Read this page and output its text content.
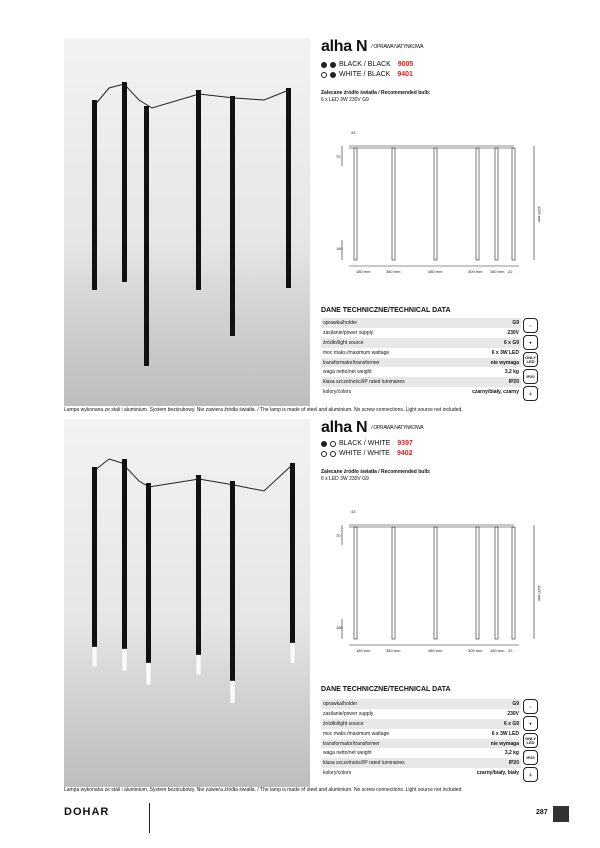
alha N / OPRAWA NATYNKOWA
BLACK / BLACK 9005
WHITE / BLACK 9401
Zalecane źródło światła / Recommended bulb:
6 x LED 3W 230V G9
43
70
1100 mm
180
180 mm	380 mm	480 mm	300 mm 180 mm 22
DANE TECHNICZNE/TECHNICAL DATA
oprawka/holder	G9
zasilanie/power supply	230V
źródło/light source	6 x G9
moc maks./maximum wattage	6 x 3W LED
transformator/transformer	nie wymaga
waga netto/net weight	3,2 kg
klasa szczelności/IP rated luminaires	IP20
kolory/colors	czarny/biały, czarny
⌂
▾
ONLY LED
IP20
⏚
Lampa wykonana ze stali i aluminium. System bezśrubowy. Nie zawiera źródła światła. / The lamp is made of steel and aluminium. No screw connections. Light source not included.
alha N / OPRAWA NATYNKOWA
BLACK / WHITE 9397
WHITE / WHITE 9402
Zalecane źródło światła / Recommended bulb:
6 x LED 3W 230V G9
43
70
1100 mm
180
180 mm	380 mm	480 mm	300 mm 180 mm 22
DANE TECHNICZNE/TECHNICAL DATA
oprawka/holder	G9
zasilanie/power supply	230V
źródło/light source	6 x G9
moc maks./maximum wattage	6 x 3W LED
transformator/transformer	nie wymaga
waga netto/net weight	3,2 kg
klasa szczelności/IP rated luminaires	IP20
kolory/colors	czarny/biały, biały
⌂
▾
ONLY LED
IP20
⏚
Lampa wykonana ze stali i aluminium. System bezśrubowy. Nie zawiera źródła światła. / The lamp is made of steel and aluminium. No screw connections. Light source not included.
DOHAR	287
